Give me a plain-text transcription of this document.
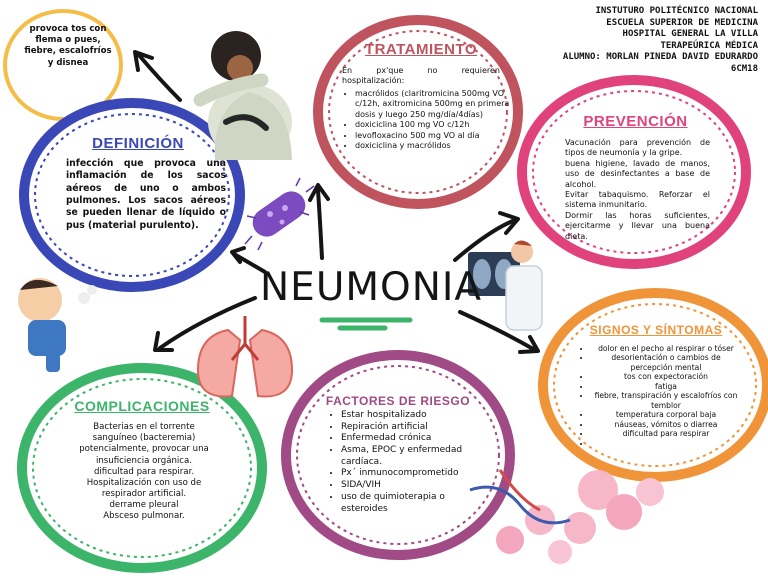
INSTUTURO POLITÉCNICO NACIONAL
ESCUELA SUPERIOR DE MEDICINA
HOSPITAL GENERAL LA VILLA
TERAPEÚRICA MÉDICA
ALUMNO: MORLAN PINEDA DAVID EDURARDO
6CM18
NEUMONIA
provoca tos con flema o pues, fiebre, escalofríos y disnea
DEFINICIÓN
infección que provoca una inflamación de los sacos aéreos de uno o ambos pulmones. Los sacos aéreos se pueden llenar de líquido o pus (material purulento).
TRATAMIENTO
En px'que no requieren hospitalización:
• macrólidos (claritromicina 500mg VO c/12h, axitromicina 500mg en primera dosis y luego 250 mg/día/4días)
• doxiciclina 100 mg VO c/12h
• levofloxacino 500 mg VO al día
• doxiciclina y macrólidos
PREVENCIÓN
Vacunación para prevención de tipos de neumonía y la gripe.
buena higiene, lavado de manos, uso de desinfectantes a base de alcohol.
Evitar tabaquismo. Reforzar el sistema inmunitario.
Dormir las horas suficientes, ejercitarme y llevar una buena dieta.
SIGNOS Y SÍNTOMAS
• dolor en el pecho al respirar o tóser
• desorientación o cambios de percepción mental
• tos con expectoración
• fatiga
• fiebre, transpiración y escalofríos con temblor
• temperatura corporal baja
• náuseas, vómitos o diarrea
• dificultad para respirar
•
FACTORES DE RIESGO
• Estar hospitalizado
• Repiración artificial
• Enfermedad crónica
• Asma, EPOC y enfermedad cardíaca.
• Px´ inmunocomprometido
• SIDA/VIH
• uso de quimioterapia o esteroides
COMPLICACIONES
Bacterias en el torrente sanguíneo (bacteremia)
potencialmente, provocar una insuficiencia orgánica.
dificultad para respirar.
Hospitalización con uso de respirador artificial.
derrame pleural
Absceso pulmonar.
